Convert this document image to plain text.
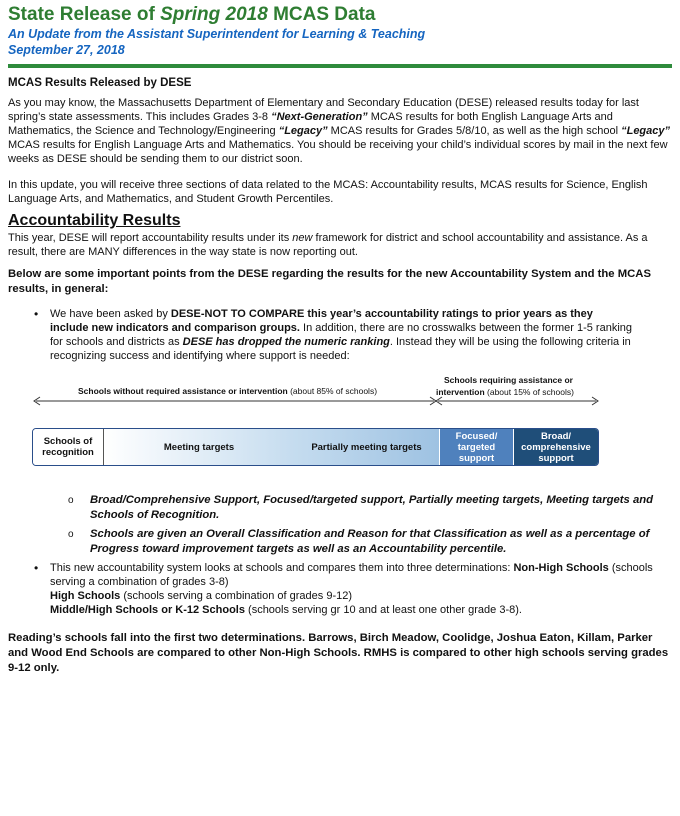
State Release of Spring 2018 MCAS Data
An Update from the Assistant Superintendent for Learning & Teaching
September 27, 2018
MCAS Results Released by DESE

As you may know, the Massachusetts Department of Elementary and Secondary Education (DESE) released results today for last spring’s state assessments. This includes Grades 3-8 “Next-Generation” MCAS results for both English Language Arts and Mathematics, the Science and Technology/Engineering “Legacy” MCAS results for Grades 5/8/10, as well as the high school “Legacy” MCAS results for English Language Arts and Mathematics. You should be receiving your child’s individual scores by mail in the next few weeks as DESE should be sending them to our district soon.

In this update, you will receive three sections of data related to the MCAS: Accountability results, MCAS results for Science, English Language Arts, and Mathematics, and Student Growth Percentiles.

Accountability Results

This year, DESE will report accountability results under its new framework for district and school accountability and assistance. As a result, there are MANY differences in the way state is now reporting out.

Below are some important points from the DESE regarding the results for the new Accountability System and the MCAS results, in general:

• We have been asked by DESE-NOT TO COMPARE this year’s accountability ratings to prior years as they include new indicators and comparison groups. In addition, there are no crosswalks between the former 1-5 ranking for schools and districts as DESE has dropped the numeric ranking. Instead they will be using the following criteria in recognizing success and identifying where support is needed:
Schools without required assistance or intervention (about 85% of schools)
Schools requiring assistance or
intervention (about 15% of schools)
Schools of recognition	Meeting targets	Partially meeting targets
Focused/ targeted support
Broad/ comprehensive support
o Broad/Comprehensive Support, Focused/targeted support, Partially meeting targets, Meeting targets and Schools of Recognition.
o Schools are given an Overall Classification and Reason for that Classification as well as a percentage of Progress toward improvement targets as well as an Accountability percentile.
• This new accountability system looks at schools and compares them into three determinations: Non-High Schools (schools serving a combination of grades 3-8)
High Schools (schools serving a combination of grades 9-12)
Middle/High Schools or K-12 Schools (schools serving gr 10 and at least one other grade 3-8).

Reading’s schools fall into the first two determinations. Barrows, Birch Meadow, Coolidge, Joshua Eaton, Killam, Parker and Wood End Schools are compared to other Non-High Schools. RMHS is compared to other high schools serving grades 9-12 only.
